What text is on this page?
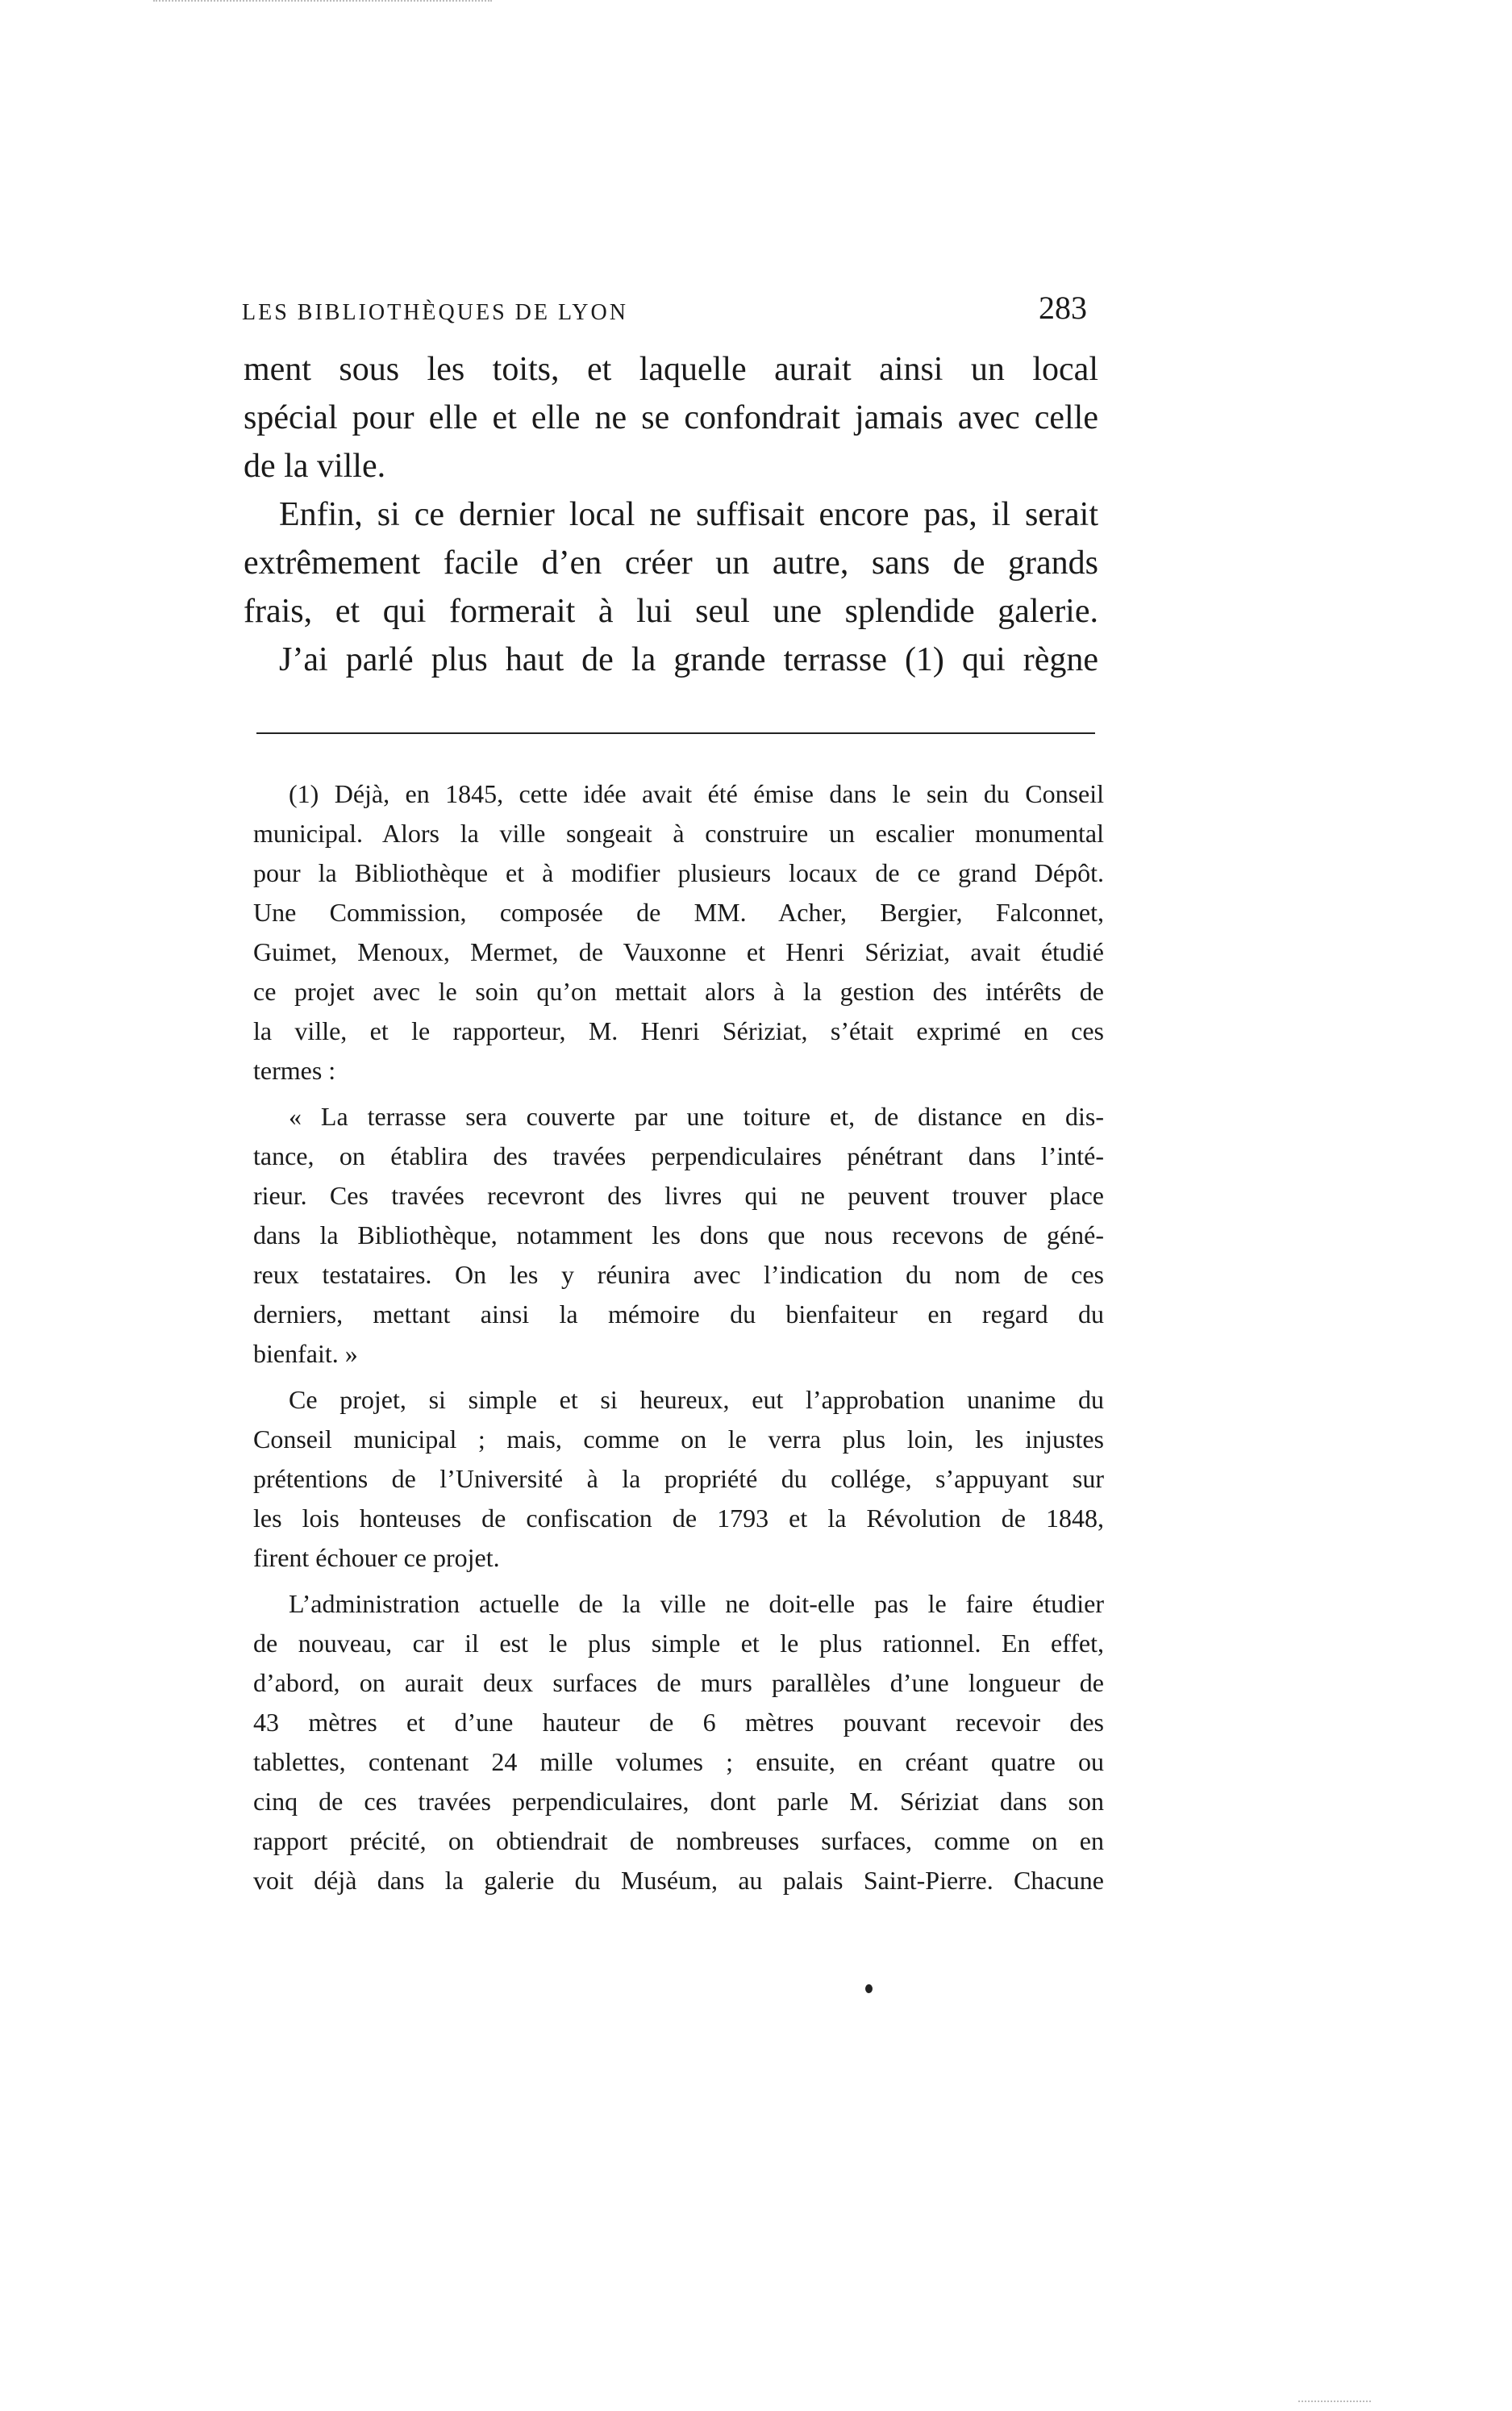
LES BIBLIOTHÈQUES DE LYON	283
ment sous les toits, et laquelle aurait ainsi un local
spécial pour elle et elle ne se confondrait jamais avec celle
de la ville.
Enfin, si ce dernier local ne suffisait encore pas, il serait
extrêmement facile d’en créer un autre, sans de grands
frais, et qui formerait à lui seul une splendide galerie.
J’ai parlé plus haut de la grande terrasse (1) qui règne
(1) Déjà, en 1845, cette idée avait été émise dans le sein du Conseil
municipal. Alors la ville songeait à construire un escalier monumental
pour la Bibliothèque et à modifier plusieurs locaux de ce grand Dépôt.
Une Commission, composée de MM. Acher, Bergier, Falconnet,
Guimet, Menoux, Mermet, de Vauxonne et Henri Sériziat, avait étudié
ce projet avec le soin qu’on mettait alors à la gestion des intérêts de
la ville, et le rapporteur, M. Henri Sériziat, s’était exprimé en ces
termes :
« La terrasse sera couverte par une toiture et, de distance en dis-
tance, on établira des travées perpendiculaires pénétrant dans l’inté-
rieur. Ces travées recevront des livres qui ne peuvent trouver place
dans la Bibliothèque, notamment les dons que nous recevons de géné-
reux testataires. On les y réunira avec l’indication du nom de ces
derniers, mettant ainsi la mémoire du bienfaiteur en regard du
bienfait. »
Ce projet, si simple et si heureux, eut l’approbation unanime du
Conseil municipal ; mais, comme on le verra plus loin, les injustes
prétentions de l’Université à la propriété du collége, s’appuyant sur
les lois honteuses de confiscation de 1793 et la Révolution de 1848,
firent échouer ce projet.
L’administration actuelle de la ville ne doit-elle pas le faire étudier
de nouveau, car il est le plus simple et le plus rationnel. En effet,
d’abord, on aurait deux surfaces de murs parallèles d’une longueur de
43 mètres et d’une hauteur de 6 mètres pouvant recevoir des
tablettes, contenant 24 mille volumes ; ensuite, en créant quatre ou
cinq de ces travées perpendiculaires, dont parle M. Sériziat dans son
rapport précité, on obtiendrait de nombreuses surfaces, comme on en
voit déjà dans la galerie du Muséum, au palais Saint-Pierre. Chacune
